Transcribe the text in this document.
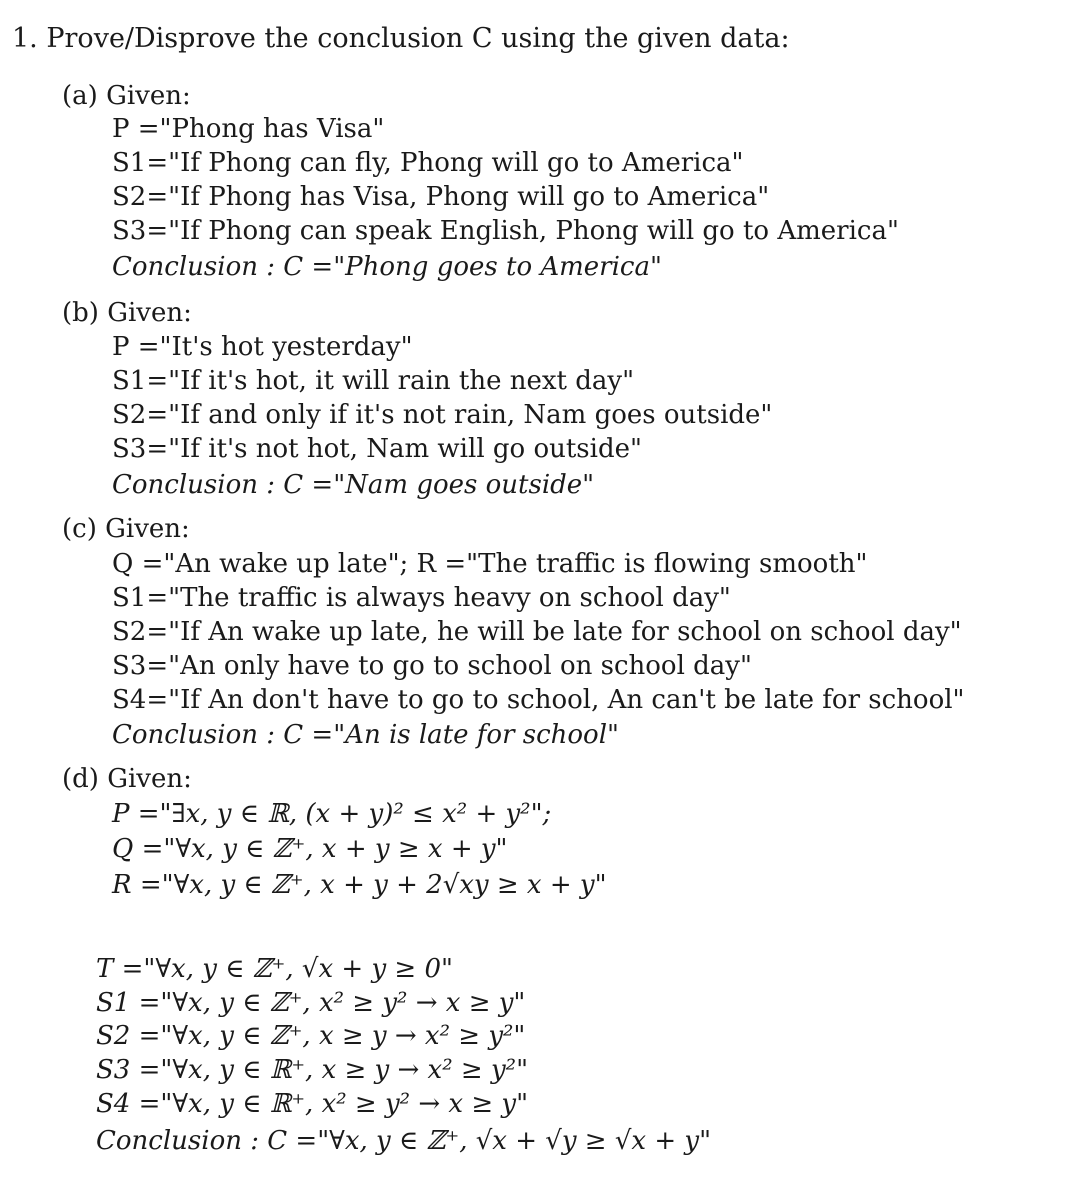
1. Prove/Disprove the conclusion C using the given data:
(a) Given:
P ="Phong has Visa"
S1="If Phong can fly, Phong will go to America"
S2="If Phong has Visa, Phong will go to America"
S3="If Phong can speak English, Phong will go to America"
Conclusion : C ="Phong goes to America"
(b) Given:
P ="It's hot yesterday"
S1="If it's hot, it will rain the next day"
S2="If and only if it's not rain, Nam goes outside"
S3="If it's not hot, Nam will go outside"
Conclusion : C ="Nam goes outside"
(c) Given:
Q ="An wake up late"; R ="The traffic is flowing smooth"
S1="The traffic is always heavy on school day"
S2="If An wake up late, he will be late for school on school day"
S3="An only have to go to school on school day"
S4="If An don't have to go to school, An can't be late for school"
Conclusion : C ="An is late for school"
(d) Given:
P ="∃x, y ∈ ℝ, (x + y)² ≤ x² + y²";
Q ="∀x, y ∈ ℤ⁺, x + y ≥ x + y"
R ="∀x, y ∈ ℤ⁺, x + y + 2√xy ≥ x + y"
T ="∀x, y ∈ ℤ⁺, √x + y ≥ 0"
S1 ="∀x, y ∈ ℤ⁺, x² ≥ y² → x ≥ y"
S2 ="∀x, y ∈ ℤ⁺, x ≥ y → x² ≥ y²"
S3 ="∀x, y ∈ ℝ⁺, x ≥ y → x² ≥ y²"
S4 ="∀x, y ∈ ℝ⁺, x² ≥ y² → x ≥ y"
Conclusion : C ="∀x, y ∈ ℤ⁺, √x + √y ≥ √x + y"
